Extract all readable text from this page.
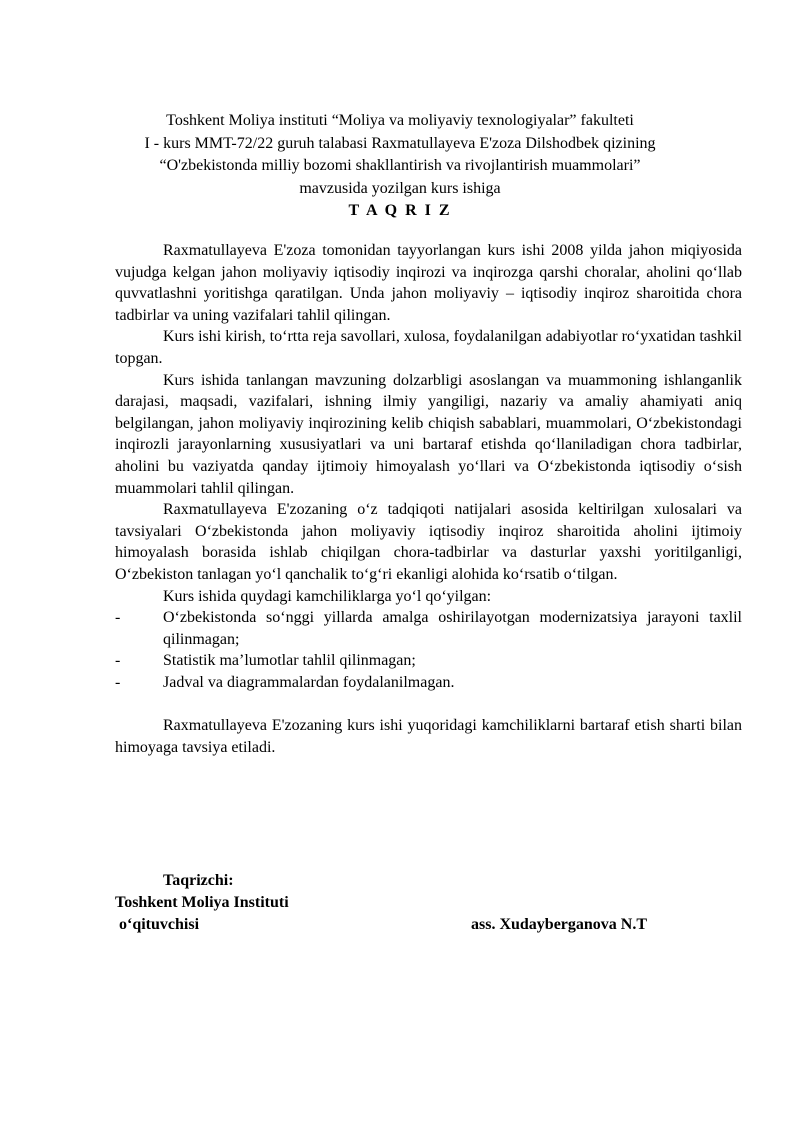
Toshkent Moliya instituti “Moliya va moliyaviy texnologiyalar” fakulteti
I - kurs MMT-72/22 guruh talabasi Raxmatullayeva E'zoza Dilshodbek qizining
“O'zbekistonda milliy bozomi shakllantirish va rivojlantirish muammolari”
mavzusida yozilgan kurs ishiga
T A Q R I Z

Raxmatullayeva E'zoza tomonidan tayyorlangan kurs ishi 2008 yilda jahon miqiyosida vujudga kelgan jahon moliyaviy iqtisodiy inqirozi va inqirozga qarshi choralar, aholini qo‘llab quvvatlashni yoritishga qaratilgan. Unda jahon moliyaviy – iqtisodiy inqiroz sharoitida chora tadbirlar va uning vazifalari tahlil qilingan.

Kurs ishi kirish, to‘rtta reja savollari, xulosa, foydalanilgan adabiyotlar ro‘yxatidan tashkil topgan.

Kurs ishida tanlangan mavzuning dolzarbligi asoslangan va muammoning ishlanganlik darajasi, maqsadi, vazifalari, ishning ilmiy yangiligi, nazariy va amaliy ahamiyati aniq belgilangan, jahon moliyaviy inqirozining kelib chiqish sabablari, muammolari, O‘zbekistondagi inqirozli jarayonlarning xususiyatlari va uni bartaraf etishda qo‘llaniladigan chora tadbirlar, aholini bu vaziyatda qanday ijtimoiy himoyalash yo‘llari va O‘zbekistonda iqtisodiy o‘sish muammolari tahlil qilingan.

Raxmatullayeva E'zozaning o‘z tadqiqoti natijalari asosida keltirilgan xulosalari va tavsiyalari O‘zbekistonda jahon moliyaviy iqtisodiy inqiroz sharoitida aholini ijtimoiy himoyalash borasida ishlab chiqilgan chora-tadbirlar va dasturlar yaxshi yoritilganligi, O‘zbekiston tanlagan yo‘l qanchalik to‘g‘ri ekanligi alohida ko‘rsatib o‘tilgan.

Kurs ishida quydagi kamchiliklarga yo‘l qo‘yilgan:

-	O‘zbekistonda so‘nggi yillarda amalga oshirilayotgan modernizatsiya jarayoni taxlil qilinmagan;
-	Statistik ma’lumotlar tahlil qilinmagan;
-	Jadval va diagrammalardan foydalanilmagan.

Raxmatullayeva E'zozaning kurs ishi yuqoridagi kamchiliklarni bartaraf etish sharti bilan himoyaga tavsiya etiladi.

Taqrizchi:
Toshkent Moliya Instituti
o‘qituvchisi	ass. Xudayberganova N.T
